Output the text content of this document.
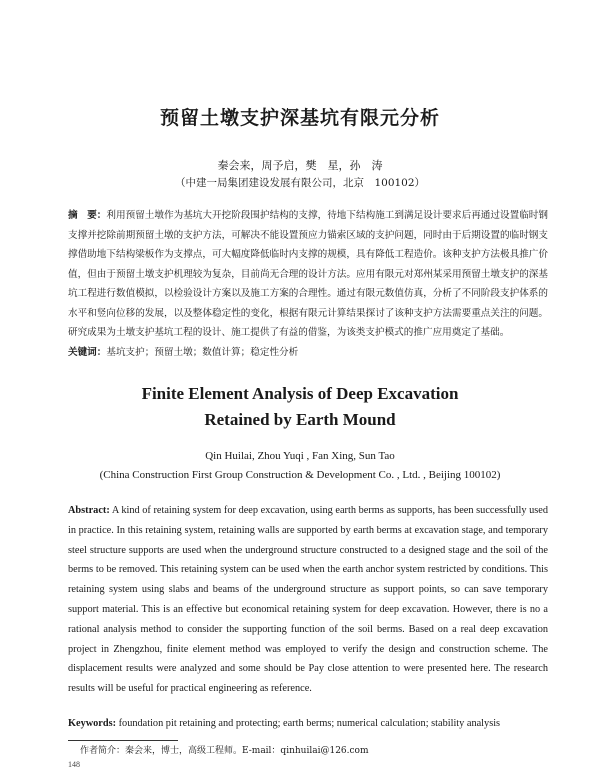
预留土墩支护深基坑有限元分析
秦会来，周予启，樊　星，孙　涛
（中建一局集团建设发展有限公司，北京　100102）
摘　要：利用预留土墩作为基坑大开挖阶段围护结构的支撑，待地下结构施工到满足设计要求后再通过设置临时钢支撑并挖除前期预留土墩的支护方法，可解决不能设置预应力锚索区域的支护问题，同时由于后期设置的临时钢支撑借助地下结构梁板作为支撑点，可大幅度降低临时内支撑的规模，具有降低工程造价。该种支护方法极具推广价值，但由于预留土墩支护机理较为复杂，目前尚无合理的设计方法。应用有限元对郑州某采用预留土墩支护的深基坑工程进行数值模拟，以检验设计方案以及施工方案的合理性。通过有限元数值仿真，分析了不同阶段支护体系的水平和竖向位移的发展，以及整体稳定性的变化，根据有限元计算结果探讨了该种支护方法需要重点关注的问题。研究成果为土墩支护基坑工程的设计、施工提供了有益的借鉴，为该类支护模式的推广应用奠定了基础。
关键词：基坑支护；预留土墩；数值计算；稳定性分析
Finite Element Analysis of Deep Excavation
Retained by Earth Mound
Qin Huilai, Zhou Yuqi , Fan Xing, Sun Tao
(China Construction First Group Construction & Development Co. , Ltd. , Beijing 100102)
Abstract: A kind of retaining system for deep excavation, using earth berms as supports, has been successfully used in practice. In this retaining system, retaining walls are supported by earth berms at excavation stage, and temporary steel structure supports are used when the underground structure constructed to a designed stage and the soil of the berms to be removed. This retaining system can be used when the earth anchor system restricted by conditions. This retaining system using slabs and beams of the underground structure as support points, so can save temporary support material. This is an effective but economical retaining system for deep excavation. However, there is no a rational analysis method to consider the supporting function of the soil berms. Based on a real deep excavation project in Zhengzhou, finite element method was employed to verify the design and construction scheme. The displacement results were analyzed and some should be Pay close attention to were presented here. The research results will be useful for practical engineering as reference.
Keywords: foundation pit retaining and protecting; earth berms; numerical calculation; stability analysis
作者简介：秦会来，博士，高级工程师。E-mail：qinhuilai@126.com
148
